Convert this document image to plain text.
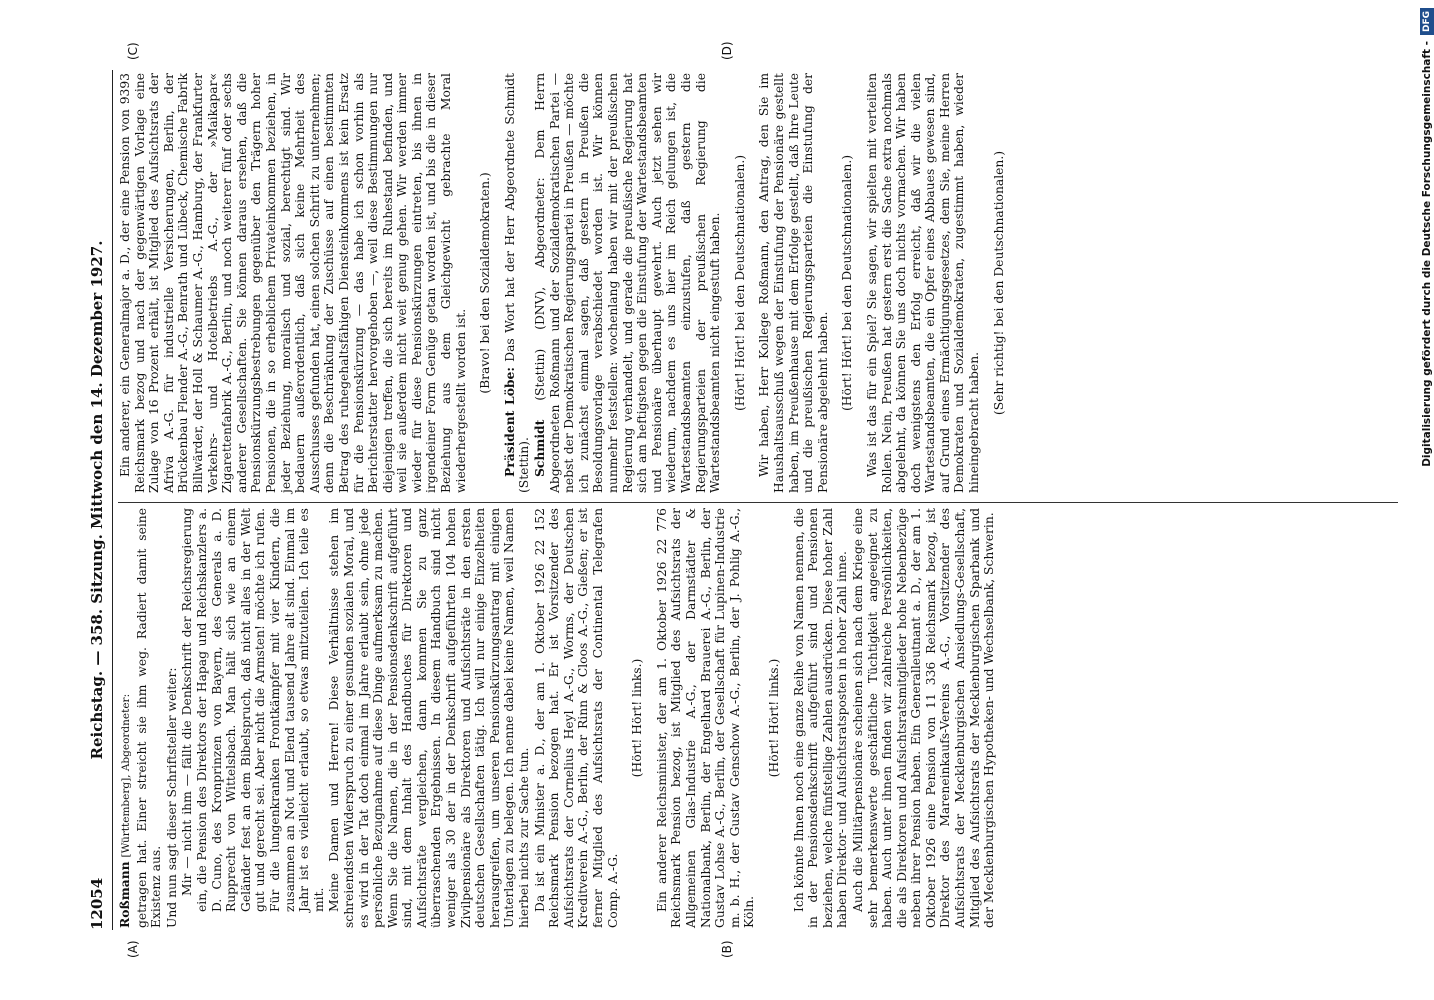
12054
Reichstag. — 358. Sitzung. Mittwoch den 14. Dezember 1927.
(A)	(B)
(C)	(D)

Roßmann [Württemberg], Abgeordneter: getragen hat. Einer streicht sie ihm weg. Radiert damit seine Existenz aus. Und nun sagt dieser Schriftsteller weiter: Mir — nicht ihm — fällt die Denkschrift der Reichsregierung ein, die Pension des Direktors der Hapag und Reichskanzlers a. D. Cuno, des Kronprinzen von Bayern, des Generals a. D. Rupprecht von Wittelsbach. Man hält sich wie an einem Geländer fest an dem Bibelspruch, daß nicht alles in der Welt gut und gerecht sei. Aber nicht die Armsten! möchte ich rufen. Für die lungenkranken Frontkämpfer mit vier Kindern, die zusammen an Not und Elend tausend Jahre alt sind. Einmal im Jahr ist es vielleicht erlaubt, so etwas mitzuteilen. Ich teile es mit. Meine Damen und Herren! Diese Verhältnisse stehen im schreiendsten Widerspruch zu einer gesunden sozialen Moral, und es wird in der Tat doch einmal im Jahre erlaubt sein, ohne jede persönliche Bezugnahme auf diese Dinge aufmerksam zu machen. Wenn Sie die Namen, die in der Pensionsdenkschrift aufgeführt sind, mit dem Inhalt des Handbuches für Direktoren und Aufsichtsräte vergleichen, dann kommen Sie zu ganz überraschenden Ergebnissen. In diesem Handbuch sind nicht weniger als 30 der in der Denkschrift aufgeführten 104 hohen Zivilpensionäre als Direktoren und Aufsichtsräte in den ersten deutschen Gesellschaften tätig. Ich will nur einige Einzelheiten herausgreifen, um unseren Pensionskürzungsantrag mit einigen Unterlagen zu belegen. Ich nenne dabei keine Namen, weil Namen hierbei nichts zur Sache tun. Da ist ein Minister a. D., der am 1. Oktober 1926 22 152 Reichsmark Pension bezogen hat. Er ist Vorsitzender des Aufsichtsrats der Cornelius Heyl A.-G., Worms, der Deutschen Kreditverein A.-G., Berlin, der Rinn & Cloos A.-G., Gießen; er ist ferner Mitglied des Aufsichtsrats der Continental Telegrafen Comp. A.-G.

(Hört! Hört! links.) Ein anderer Reichsminister, der am 1. Oktober 1926 22 776 Reichsmark Pension bezog, ist Mitglied des Aufsichtsrats der Allgemeinen Glas-Industrie A.-G., der Darmstädter & Nationalbank, Berlin, der Engelhard Brauerei A.-G., Berlin, der Gustav Lohse A.-G., Berlin, der Gesellschaft für Lupinen-Industrie m. b. H., der Gustav Genschow A.-G., Berlin, der J. Pohlig A.-G., Köln.

(Hört! Hört! links.) Ich könnte Ihnen noch eine ganze Reihe von Namen nennen, die in der Pensionsdenkschrift aufgeführt sind und Pensionen beziehen, welche fünfstellige Zahlen ausdrücken. Diese hoher Zahl haben Direktor- und Aufsichtsratsposten in hoher Zahl inne. Auch die Militärpensionäre scheinen sich nach dem Kriege eine sehr bemerkenswerte geschäftliche Tüchtigkeit angeeignet zu haben. Auch unter ihnen finden wir zahlreiche Persönlichkeiten, die als Direktoren und Aufsichtsratsmitglieder hohe Nebenbezüge neben ihrer Pension haben. Ein Generalleutnant a. D., der am 1. Oktober 1926 eine Pension von 11 336 Reichsmark bezog, ist Direktor des Mareneinkaufs-Vereins A.-G., Vorsitzender des Aufsichtsrats der Mecklenburgischen Ansiedlungs-Gesellschaft, Mitglied des Aufsichtsrats der Mecklenburgischen Sparbank und der Mecklenburgischen Hypotheken- und Wechselbank, Schwerin.

Ein anderer, ein Generalmajor a. D., der eine Pension von 9393 Reichsmark bezog und nach der gegenwärtigen Vorlage eine Zulage von 16 Prozent erhält, ist Mitglied des Aufsichtsrats der Afriva A.-G. für industrielle Versicherungen, Berlin, der Brückenbau Flender A.-G., Benrath und Lübeck, Chemische Fabrik Billwärder, der Holl & Schaumer A.-G., Hamburg, der Frankfurter Verkehrs- und Hotelbetriebs A.-G., der »Maikapar« Zigarettenfabrik A.-G., Berlin, und noch weiterer fünf oder sechs anderer Gesellschaften. Sie können daraus ersehen, daß die Pensionskürzungsbestrebungen gegenüber den Trägern hoher Pensionen, die in so erheblichem Privateinkommen beziehen, in jeder Beziehung, moralisch und sozial, berechtigt sind. Wir bedauern außerordentlich, daß sich keine Mehrheit des Ausschusses gefunden hat, einen solchen Schritt zu unternehmen; denn die Beschränkung der Zuschüsse auf einen bestimmten Betrag des ruhegehaltsfähigen Diensteinkommens ist kein Ersatz für die Pensionskürzung — das habe ich schon vorhin als Berichterstatter hervorgehoben —, weil diese Bestimmungen nur diejenigen treffen, die sich bereits im Ruhestand befinden, und weil sie außerdem nicht weit genug gehen. Wir werden immer wieder für diese Pensionskürzungen eintreten, bis ihnen in irgendeiner Form Genüge getan worden ist, und bis die in dieser Beziehung aus dem Gleichgewicht gebrachte Moral wiederhergestellt worden ist.

(Bravo! bei den Sozialdemokraten.)

Präsident Löbe: Das Wort hat der Herr Abgeordnete Schmidt (Stettin). Schmidt (Stettin) (DNV), Abgeordneter: Dem Herrn Abgeordneten Roßmann und der Sozialdemokratischen Partei — nebst der Demokratischen Regierungspartei in Preußen — möchte ich zunächst einmal sagen, daß gestern in Preußen die Besoldungsvorlage verabschiedet worden ist. Wir können nunmehr feststellen: wochenlang haben wir mit der preußischen Regierung verhandelt, und gerade die preußische Regierung hat sich am heftigsten gegen die Einstufung der Wartestandsbeamten und Pensionäre überhaupt gewehrt. Auch jetzt sehen wir wiederum, nachdem es uns hier im Reich gelungen ist, die Wartestandsbeamten einzustufen, daß gestern die Regierungsparteien der preußischen Regierung die Wartestandsbeamten nicht eingestuft haben. (Hört! Hört! bei den Deutschnationalen.) Wir haben, Herr Kollege Roßmann, den Antrag, den Sie im Haushaltsausschuß wegen der Einstufung der Pensionäre gestellt haben, im Preußenhause mit dem Erfolge gestellt, daß Ihre Leute und die preußischen Regierungsparteien die Einstufung der Pensionäre abgelehnt haben. (Hört! Hört! bei den Deutschnationalen.) Was ist das für ein Spiel? Sie sagen, wir spielten mit verteilten Rollen. Nein, Preußen hat gestern erst die Sache extra nochmals abgelehnt, da können Sie uns doch nichts vormachen. Wir haben doch wenigstens den Erfolg erreicht, daß wir die vielen Wartestandsbeamten, die ein Opfer eines Abbaues gewesen sind, auf Grund eines Ermächtigungsgesetzes, dem Sie, meine Herren Demokraten und Sozialdemokraten, zugestimmt haben, wieder hineingebracht haben.

(Sehr richtig! bei den Deutschnationalen.)	Digitalisierung gefördert durch die Deutsche Forschungsgemeinschaft -
DFG
